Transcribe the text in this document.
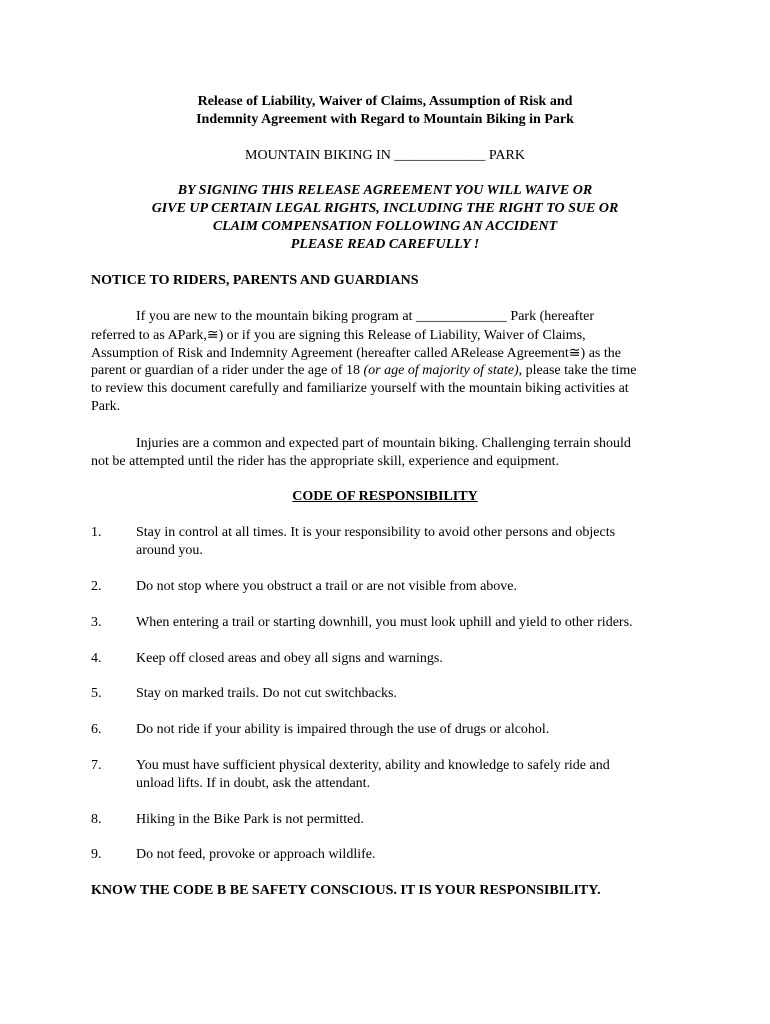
Release of Liability, Waiver of Claims, Assumption of Risk and

Indemnity Agreement with Regard to Mountain Biking in Park

MOUNTAIN BIKING IN _____________ PARK

BY SIGNING THIS RELEASE AGREEMENT YOU WILL WAIVE OR

GIVE UP CERTAIN LEGAL RIGHTS, INCLUDING THE RIGHT TO SUE OR

CLAIM COMPENSATION FOLLOWING AN ACCIDENT

PLEASE READ CAREFULLY !

NOTICE TO RIDERS, PARENTS AND GUARDIANS

If you are new to the mountain biking program at _____________ Park (hereafter

referred to as APark,≅) or if you are signing this Release of Liability, Waiver of Claims,

Assumption of Risk and Indemnity Agreement (hereafter called ARelease Agreement≅) as the

parent or guardian of a rider under the age of 18 (or age of majority of state), please take the time

to review this document carefully and familiarize yourself with the mountain biking activities at

Park.

Injuries are a common and expected part of mountain biking. Challenging terrain should

not be attempted until the rider has the appropriate skill, experience and equipment.

CODE OF RESPONSIBILITY

1. Stay in control at all times. It is your responsibility to avoid other persons and objects

around you.

2. Do not stop where you obstruct a trail or are not visible from above.

3. When entering a trail or starting downhill, you must look uphill and yield to other riders.

4. Keep off closed areas and obey all signs and warnings.

5. Stay on marked trails. Do not cut switchbacks.

6. Do not ride if your ability is impaired through the use of drugs or alcohol.

7. You must have sufficient physical dexterity, ability and knowledge to safely ride and

unload lifts. If in doubt, ask the attendant.

8. Hiking in the Bike Park is not permitted.

9. Do not feed, provoke or approach wildlife.

KNOW THE CODE B BE SAFETY CONSCIOUS. IT IS YOUR RESPONSIBILITY.
